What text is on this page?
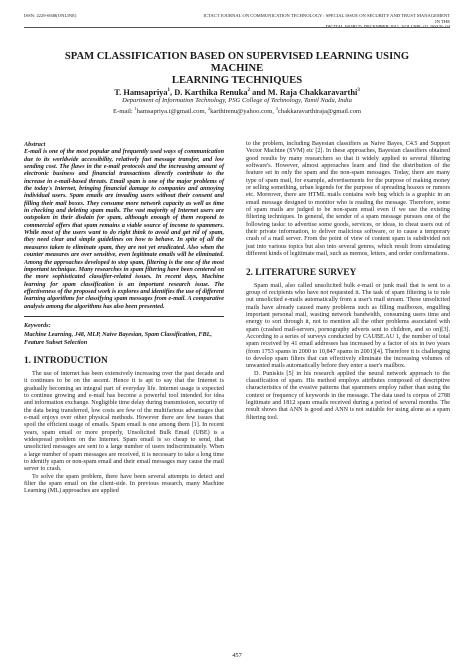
ISSN: 2229-6948(ONLINE)	ICTACT JOURNAL ON COMMUNICATION TECHNOLOGY : SPECIAL ISSUE ON SECURITY AND TRUST MANAGEMENT IN THE
DIGITAL WORLD, DECEMBER 2011, VOLUME: 02, ISSUE: 04
SPAM CLASSIFICATION BASED ON SUPERVISED LEARNING USING MACHINE
LEARNING TECHNIQUES
T. Hamsapriya$^1$, D. Karthika Renuka$^2$ and M. Raja Chakkaravarthi$^3$
Department of Information Technology, PSG College of Technology, Tamil Nadu, India
E-mail: $^1$hamsapriya.t@gmail.com, $^2$karthirenu@yahoo.com, $^3$chakkaravarthiraja@gmail.com
Abstract

E-mail is one of the most popular and frequently used ways of communication due to its worldwide accessibility, relatively fast message transfer, and low sending cost. The flaws in the e-mail protocols and the increasing amount of electronic business and financial transactions directly contribute to the increase in e-mail-based threats. Email spam is one of the major problems of the today's Internet, bringing financial damage to companies and annoying individual users. Spam emails are invading users without their consent and filling their mail boxes. They consume more network capacity as well as time in checking and deleting spam mails. The vast majority of Internet users are outspoken in their disdain for spam, although enough of them respond to commercial offers that spam remains a viable source of income to spammers. While most of the users want to do right think to avoid and get rid of spam, they need clear and simple guidelines on how to behave. In spite of all the measures taken to eliminate spam, they are not yet eradicated. Also when the counter measures are over sensitive, even legitimate emails will be eliminated. Among the approaches developed to stop spam, filtering is the one of the most important technique. Many researches in spam filtering have been centered on the more sophisticated classifier-related issues. In recent days, Machine learning for spam classification is an important research issue. The effectiveness of the proposed work is explores and identifies the use of different learning algorithms for classifying spam messages from e-mail. A comparative analysis among the algorithms has also been presented.

Keywords:

Machine Learning, J48, MLP, Naive Bayesian, Spam Classification, FBL, Feature Subset Selection

1. INTRODUCTION

The use of internet has been extensively increasing over the past decade and it continues to be on the ascent. Hence it is apt to say that the Internet is gradually becoming an integral part of everyday life. Internet usage is expected to continue growing and e-mail has become a powerful tool intended for idea and information exchange. Negligible time delay during transmission, security of the data being transferred, low costs are few of the multifarious advantages that e-mail enjoys over other physical methods. However there are few issues that spoil the efficient usage of emails. Spam email is one among them [1]. In recent years, spam email or more properly, Unsolicited Bulk Email (UBE) is a widespread problem on the Internet. Spam email is so cheap to send, that unsolicited messages are sent to a large number of users indiscriminately. When a large number of spam messages are received, it is necessary to take a long time to identify spam or non-spam email and their email messages may cause the mail server to crash.

To solve the spam problem, there have been several attempts to detect and filter the spam email on the client-side. In previous research, many Machine Learning (ML) approaches are applied

to the problem, including Bayesian classifiers as Naive Bayes, C4.5 and Support Vector Machine (SVM) etc [2]. In these approaches, Bayesian classifiers obtained good results by many researchers so that it widely applied to several filtering software's. However, almost approaches learn and find the distribution of the feature set in only the spam and the non-spam messages. Today, there are many type of spam mail, for example, advertisements for the purpose of making money or selling something, urban legends for the purpose of spreading hoaxes or rumors etc. Moreover, there are HTML mails contains web bug which is a graphic in an email message designed to monitor who is reading the message. Therefore, some of spam mails are judged to be non-spam email even if we use the existing filtering techniques. In general, the sender of a spam message pursues one of the following tasks: to advertise some goods, services, or ideas, to cheat users out of their private information, to deliver malicious software, or to cause a temporary crash of a mail server. From the point of view of content spam is subdivided not just into various topics but also into several genres, which result from simulating different kinds of legitimate mail, such as memos, letters, and order confirmations.

2. LITERATURE SURVEY

Spam mail, also called unsolicited bulk e-mail or junk mail that is sent to a group of recipients who have not requested it. The task of spam filtering is to rule out unsolicited e-mails automatically from a user's mail stream. These unsolicited mails have already caused many problems such as filling mailboxes, engulfing important personal mail, wasting network bandwidth, consuming users time and energy to sort through it, not to mention all the other problems associated with spam (crashed mail-servers, pornography adverts sent to children, and so on)[3]. According to a series of surveys conducted by CAUBE.AU 1, the number of total spam received by 41 email addresses has increased by a factor of six in two years (from 1753 spams in 2000 to 10,847 spams in 2001)[4]. Therefore it is challenging to develop spam filters that can effectively eliminate the increasing volumes of unwanted mails automatically before they enter a user's mailbox.

D. Puniskis [5] in his research applied the neural network approach to the classification of spam. His method employs attributes composed of descriptive characteristics of the evasive patterns that spammers employ rather than using the context or frequency of keywords in the message. The data used is corpus of 2788 legitimate and 1812 spam emails received during a period of several months. The result shows that ANN is good and ANN is not suitable for using alone as a spam filtering tool.

457
